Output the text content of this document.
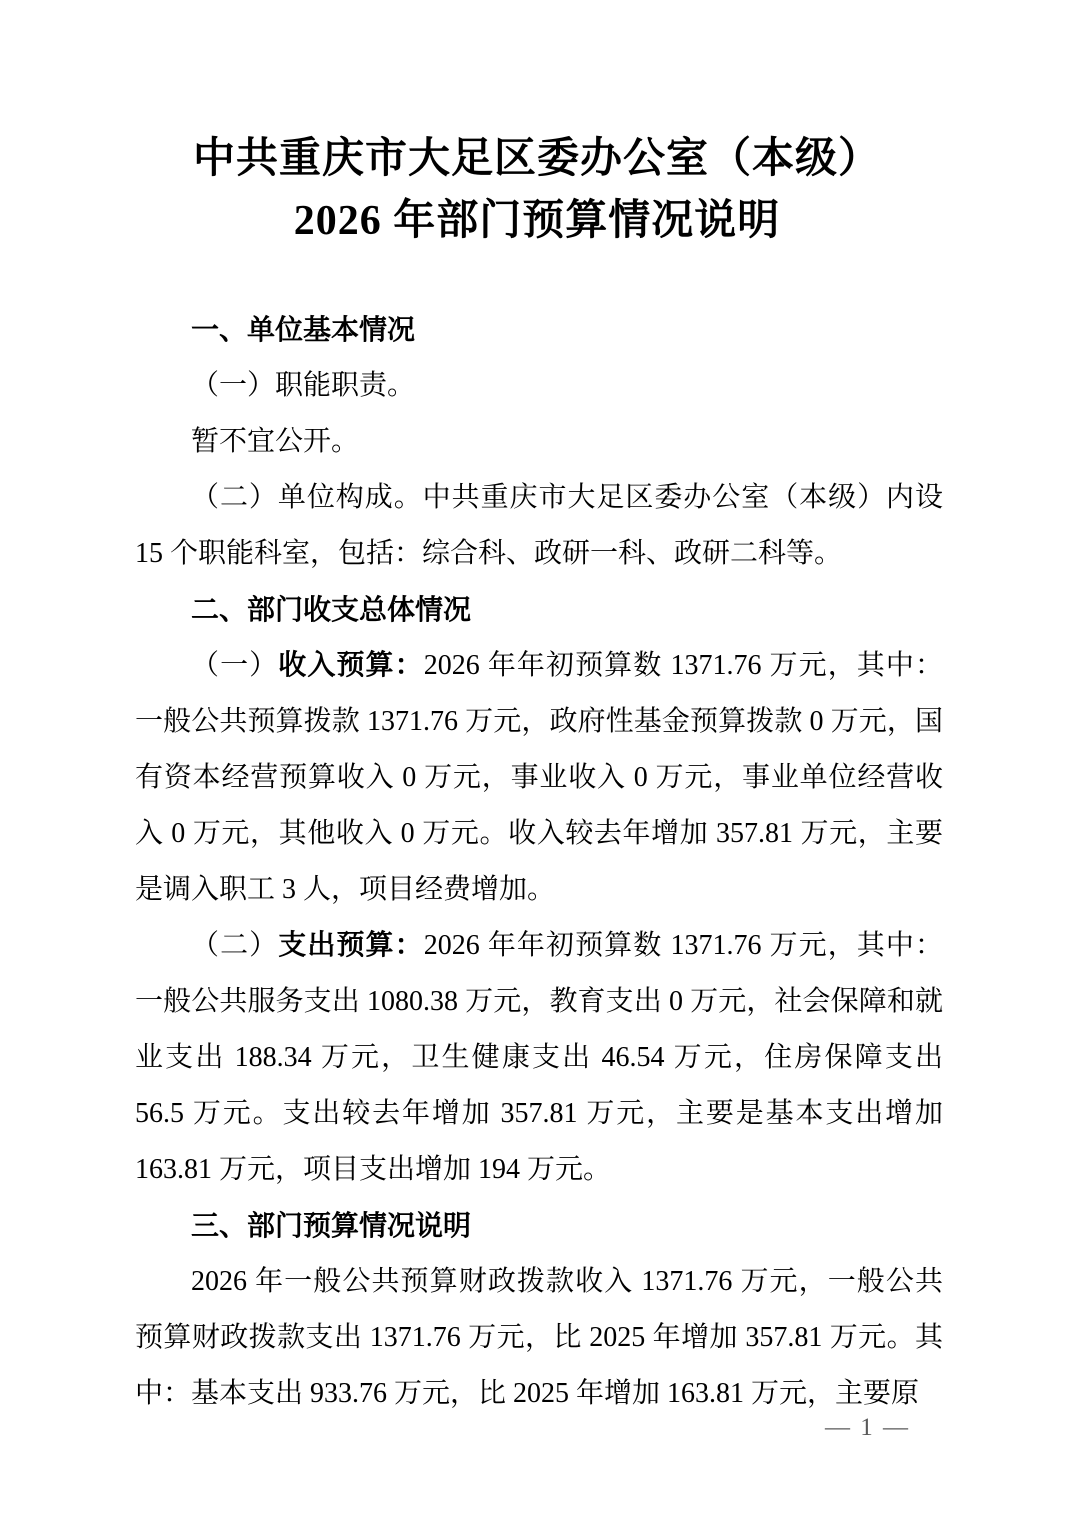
中共重庆市大足区委办公室（本级）
2026 年部门预算情况说明
一、单位基本情况

（一）职能职责。

暂不宜公开。

（二）单位构成。中共重庆市大足区委办公室（本级）内设 15 个职能科室，包括：综合科、政研一科、政研二科等。

二、部门收支总体情况

（一）收入预算：2026 年年初预算数 1371.76 万元，其中：一般公共预算拨款 1371.76 万元，政府性基金预算拨款 0 万元，国有资本经营预算收入 0 万元，事业收入 0 万元，事业单位经营收入 0 万元，其他收入 0 万元。收入较去年增加 357.81 万元，主要是调入职工 3 人，项目经费增加。

（二）支出预算：2026 年年初预算数 1371.76 万元，其中：一般公共服务支出 1080.38 万元，教育支出 0 万元，社会保障和就业支出 188.34 万元，卫生健康支出 46.54 万元，住房保障支出 56.5 万元。支出较去年增加 357.81 万元，主要是基本支出增加 163.81 万元，项目支出增加 194 万元。

三、部门预算情况说明

2026 年一般公共预算财政拨款收入 1371.76 万元，一般公共预算财政拨款支出 1371.76 万元，比 2025 年增加 357.81 万元。其中：基本支出 933.76 万元，比 2025 年增加 163.81 万元，主要原

— 1 —
